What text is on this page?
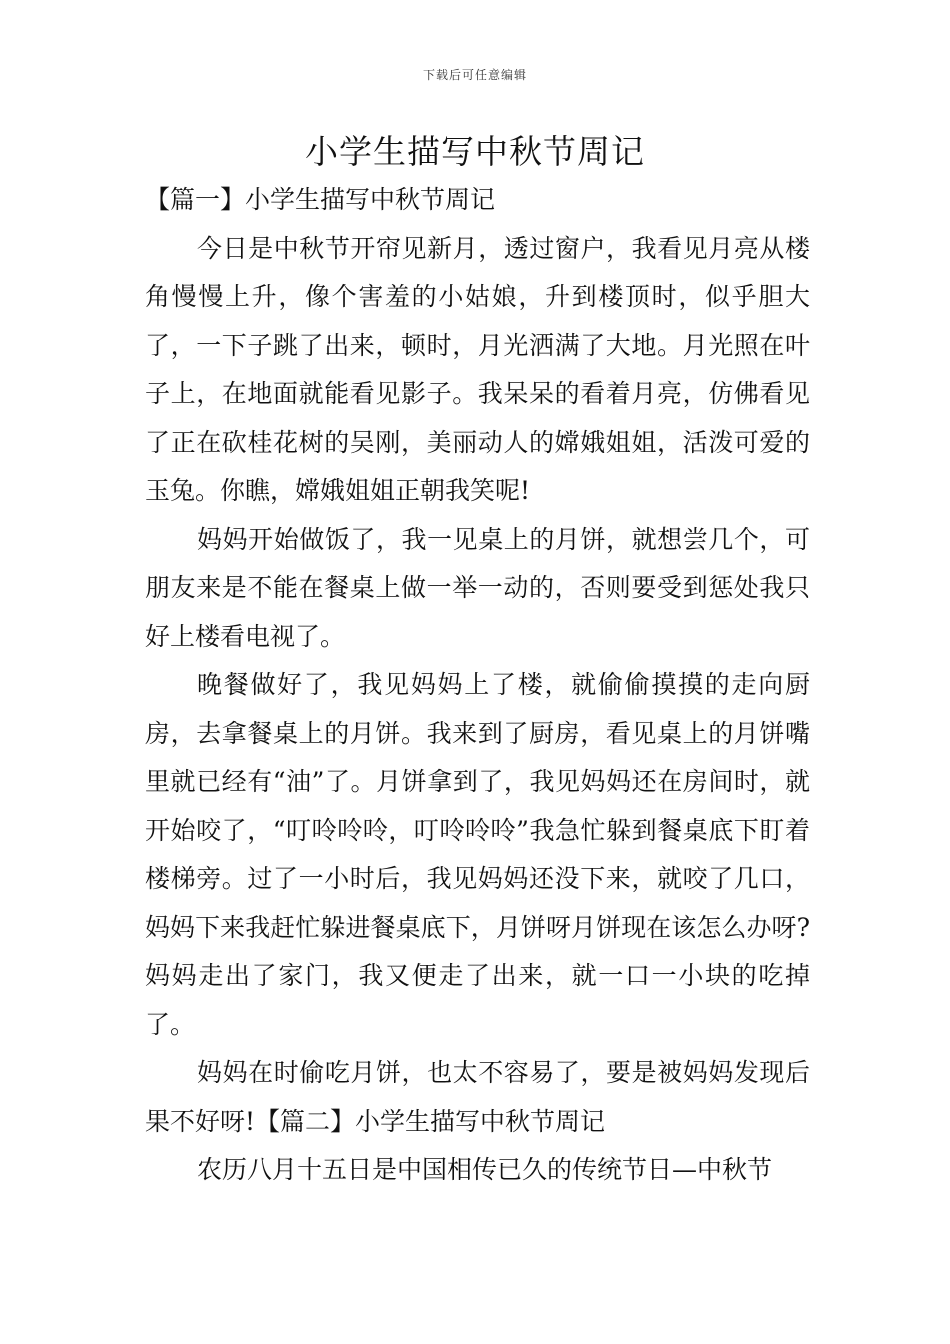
下载后可任意编辑
小学生描写中秋节周记

【篇一】小学生描写中秋节周记

今日是中秋节开帘见新月，透过窗户，我看见月亮从楼角慢慢上升，像个害羞的小姑娘，升到楼顶时，似乎胆大了，一下子跳了出来，顿时，月光洒满了大地。月光照在叶子上，在地面就能看见影子。我呆呆的看着月亮，仿佛看见了正在砍桂花树的吴刚，美丽动人的嫦娥姐姐，活泼可爱的玉兔。你瞧，嫦娥姐姐正朝我笑呢!

妈妈开始做饭了，我一见桌上的月饼，就想尝几个，可朋友来是不能在餐桌上做一举一动的，否则要受到惩处我只好上楼看电视了。

晚餐做好了，我见妈妈上了楼，就偷偷摸摸的走向厨房，去拿餐桌上的月饼。我来到了厨房，看见桌上的月饼嘴里就已经有“油”了。月饼拿到了，我见妈妈还在房间时，就开始咬了，“叮呤呤呤，叮呤呤呤”我急忙躲到餐桌底下盯着楼梯旁。过了一小时后，我见妈妈还没下来，就咬了几口，妈妈下来我赶忙躲进餐桌底下，月饼呀月饼现在该怎么办呀?妈妈走出了家门，我又便走了出来，就一口一小块的吃掉了。

妈妈在时偷吃月饼，也太不容易了，要是被妈妈发现后果不好呀!【篇二】小学生描写中秋节周记

农历八月十五日是中国相传已久的传统节日—中秋节
